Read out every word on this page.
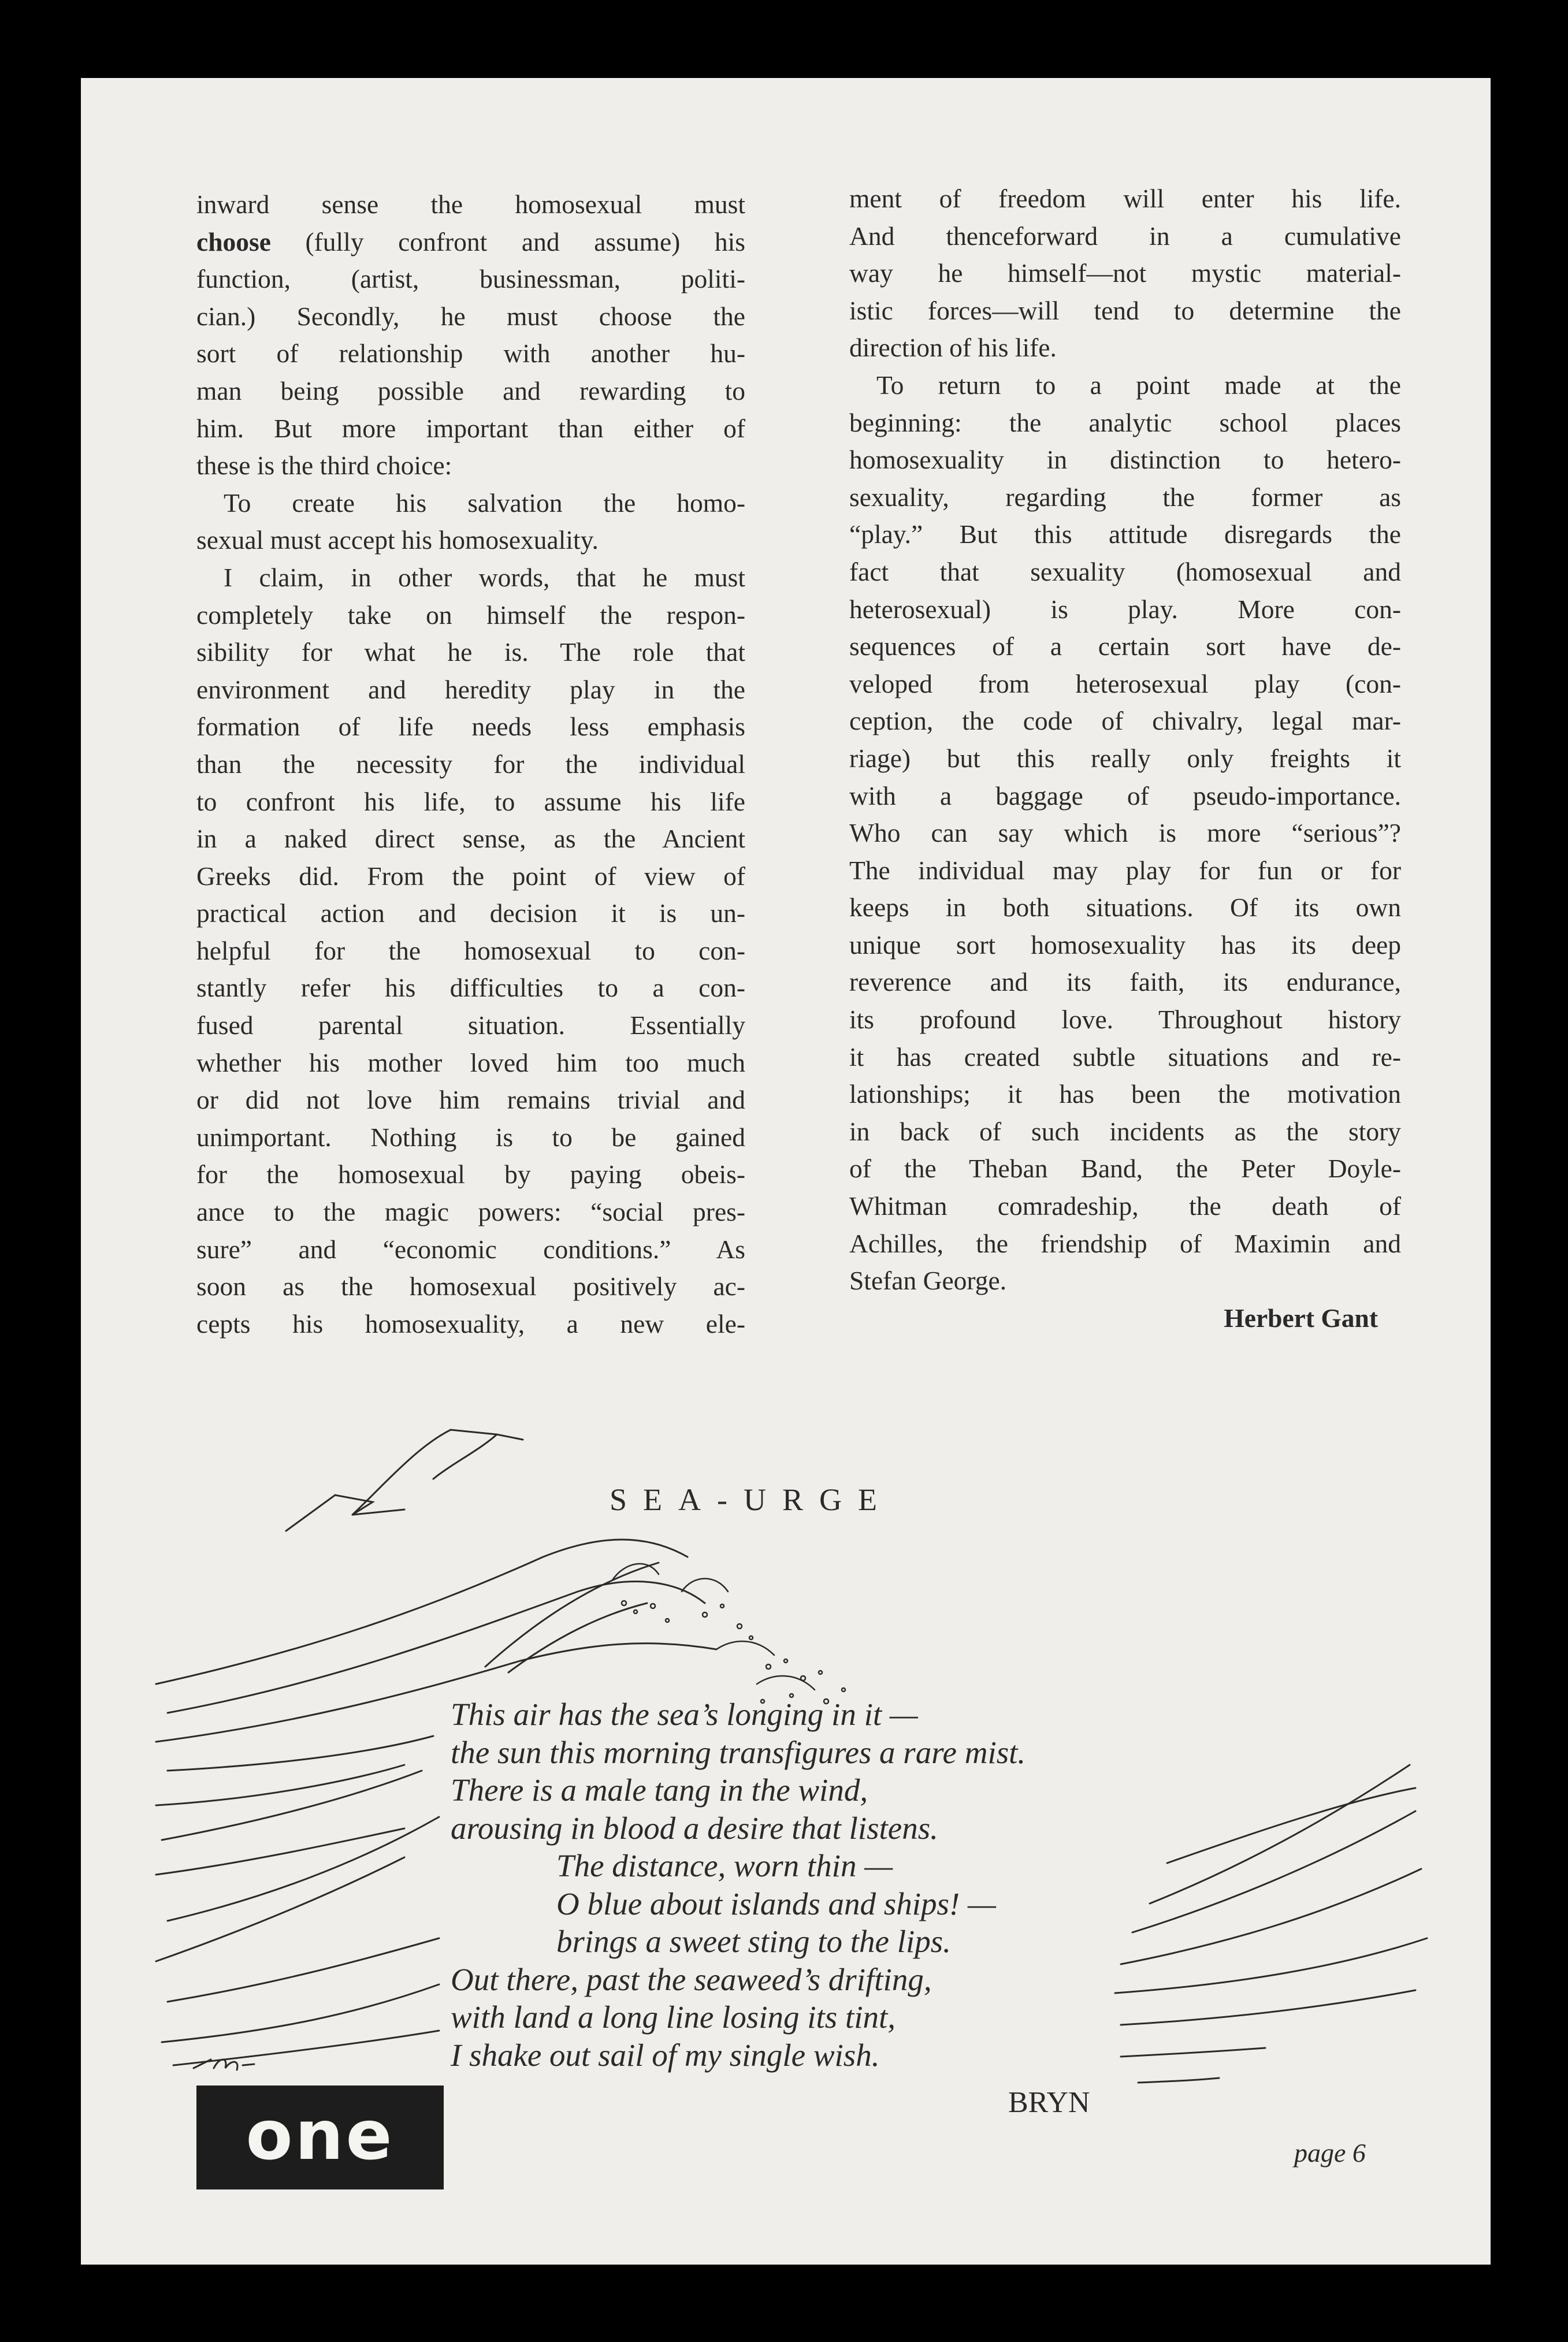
inward sense the homosexual must
choose (fully confront and assume) his
function, (artist, businessman, politi-
cian.) Secondly, he must choose the
sort of relationship with another hu-
man being possible and rewarding to
him. But more important than either of
these is the third choice:

To create his salvation the homo-
sexual must accept his homosexuality.

I claim, in other words, that he must
completely take on himself the respon-
sibility for what he is. The role that
environment and heredity play in the
formation of life needs less emphasis
than the necessity for the individual
to confront his life, to assume his life
in a naked direct sense, as the Ancient
Greeks did. From the point of view of
practical action and decision it is un-
helpful for the homosexual to con-
stantly refer his difficulties to a con-
fused parental situation. Essentially
whether his mother loved him too much
or did not love him remains trivial and
unimportant. Nothing is to be gained
for the homosexual by paying obeis-
ance to the magic powers: “social pres-
sure” and “economic conditions.” As
soon as the homosexual positively ac-
cepts his homosexuality, a new ele-

ment of freedom will enter his life.
And thenceforward in a cumulative
way he himself—not mystic material-
istic forces—will tend to determine the
direction of his life.

To return to a point made at the
beginning: the analytic school places
homosexuality in distinction to hetero-
sexuality, regarding the former as
“play.” But this attitude disregards the
fact that sexuality (homosexual and
heterosexual) is play. More con-
sequences of a certain sort have de-
veloped from heterosexual play (con-
ception, the code of chivalry, legal mar-
riage) but this really only freights it
with a baggage of pseudo-importance.
Who can say which is more “serious”?
The individual may play for fun or for
keeps in both situations. Of its own
unique sort homosexuality has its deep
reverence and its faith, its endurance,
its profound love. Throughout history
it has created subtle situations and re-
lationships; it has been the motivation
in back of such incidents as the story
of the Theban Band, the Peter Doyle-
Whitman comradeship, the death of
Achilles, the friendship of Maximin and
Stefan George.

Herbert Gant

SEA-URGE
This air has the sea’s longing in it —
the sun this morning transfigures a rare mist.
There is a male tang in the wind,
arousing in blood a desire that listens.
The distance, worn thin —
O blue about islands and ships! —
brings a sweet sting to the lips.
Out there, past the seaweed’s drifting,
with land a long line losing its tint,
I shake out sail of my single wish.
BRYN
one	page 6
